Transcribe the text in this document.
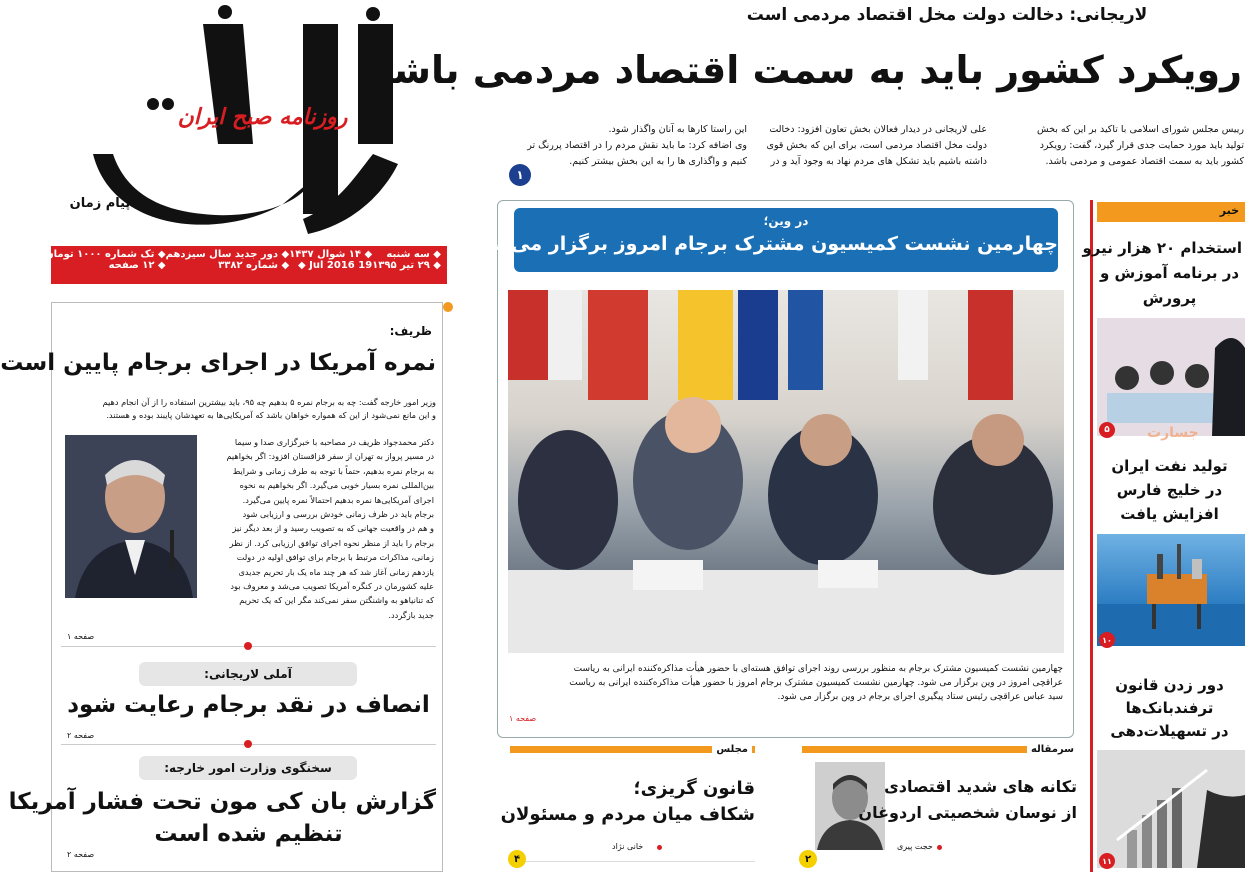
روزنامه صبح ایران
پیام زمان
◆ سه شنبه
◆ ۲۹ تیر ۱۳۹۵
◆ ۱۴ شوال ۱۴۳۷
19 Jul 2016 ◆
◆ دور جدید سال سیزدهم
◆ شماره ۳۳۸۲
◆ تک شماره ۱۰۰۰ تومان
◆ ۱۲ صفحه
لاریجانی: دخالت دولت مخل اقتصاد مردمی است
رویکرد کشور باید به سمت اقتصاد مردمی باشد
رییس مجلس شورای اسلامی با تاکید بر این که بخش
تولید باید مورد حمایت جدی قرار گیرد، گفت: رویکرد
کشور باید به سمت اقتصاد عمومی و مردمی باشد.
علی لاریجانی در دیدار فعالان بخش تعاون افزود: دخالت
دولت مخل اقتصاد مردمی است، برای این که بخش قوی
داشته باشیم باید تشکل های مردم نهاد به وجود آید و در
این راستا کارها به آنان واگذار شود.
وی اضافه کرد: ما باید نقش مردم را در اقتصاد پررنگ تر
کنیم و واگذاری ها را به این بخش بیشتر کنیم.
۱
در وین؛
چهارمین نشست کمیسیون مشترک برجام امروز برگزار می شود
چهارمین نشست کمیسیون مشترک برجام به منظور بررسی روند اجرای توافق هسته‌ای با حضور هیأت مذاکره‌کننده ایرانی به ریاست
عراقچی امروز در وین برگزار می شود. چهارمین نشست کمیسیون مشترک برجام امروز با حضور هیأت مذاکره‌کننده ایرانی به ریاست
سید عباس عراقچی رئیس ستاد پیگیری اجرای برجام در وین برگزار می شود.
صفحه ۱
ظریف:
نمره آمریکا در اجرای برجام پایین است
وزیر امور خارجه گفت: چه به برجام نمره ۵ بدهیم چه ۹۵، باید بیشترین استفاده را از آن انجام دهیم
و این مانع نمی‌شود از این که همواره خواهان باشد که آمریکایی‌ها به تعهدشان پایبند بوده و هستند.
دکتر محمدجواد ظریف در مصاحبه با خبرگزاری صدا و سیما
در مسیر پرواز به تهران از سفر قزاقستان افزود: اگر بخواهیم
به برجام نمره بدهیم، حتماً با توجه به طرف زمانی و شرایط
بین‌المللی نمره بسیار خوبی می‌گیرد. اگر بخواهیم به نحوه
اجرای آمریکایی‌ها نمره بدهیم احتمالاً نمره پایین می‌گیرد.
برجام باید در ظرف زمانی خودش بررسی و ارزیابی شود
و هم در واقعیت جهانی که به تصویب رسید و از بعد دیگر نیز
برجام را باید از منظر نحوه اجرای توافق ارزیابی کرد. از نظر
زمانی، مذاکرات مرتبط با برجام برای توافق اولیه در دولت
یازدهم زمانی آغاز شد که هر چند ماه یک بار تحریم جدیدی
علیه کشورمان در کنگره آمریکا تصویب می‌شد و معروف بود
که تنانیاهو به واشنگتن سفر نمی‌کند مگر این که یک تحریم
جدید بازگردد.
صفحه ۱
آملی لاریجانی:
انصاف در نقد برجام رعایت شود
صفحه ۲
سخنگوی وزارت امور خارجه:
گزارش بان کی مون تحت فشار آمریکا
تنظیم شده است
صفحه ۲
مجلس
قانون گریزی؛
شکاف میان مردم و مسئولان
خانی نژاد
۴
سرمقاله
تکانه های شدید اقتصادی
از نوسان شخصیتی اردوغان
حجت پیری
۲
خبر
استخدام ۲۰ هزار نیرو
در برنامه آموزش و
پرورش
۵	جسارت
تولید نفت ایران
در خلیج فارس
افزایش یافت
۱۰
دور زدن قانون
ترفندبانک‌ها
در تسهیلات‌دهی
۱۱
